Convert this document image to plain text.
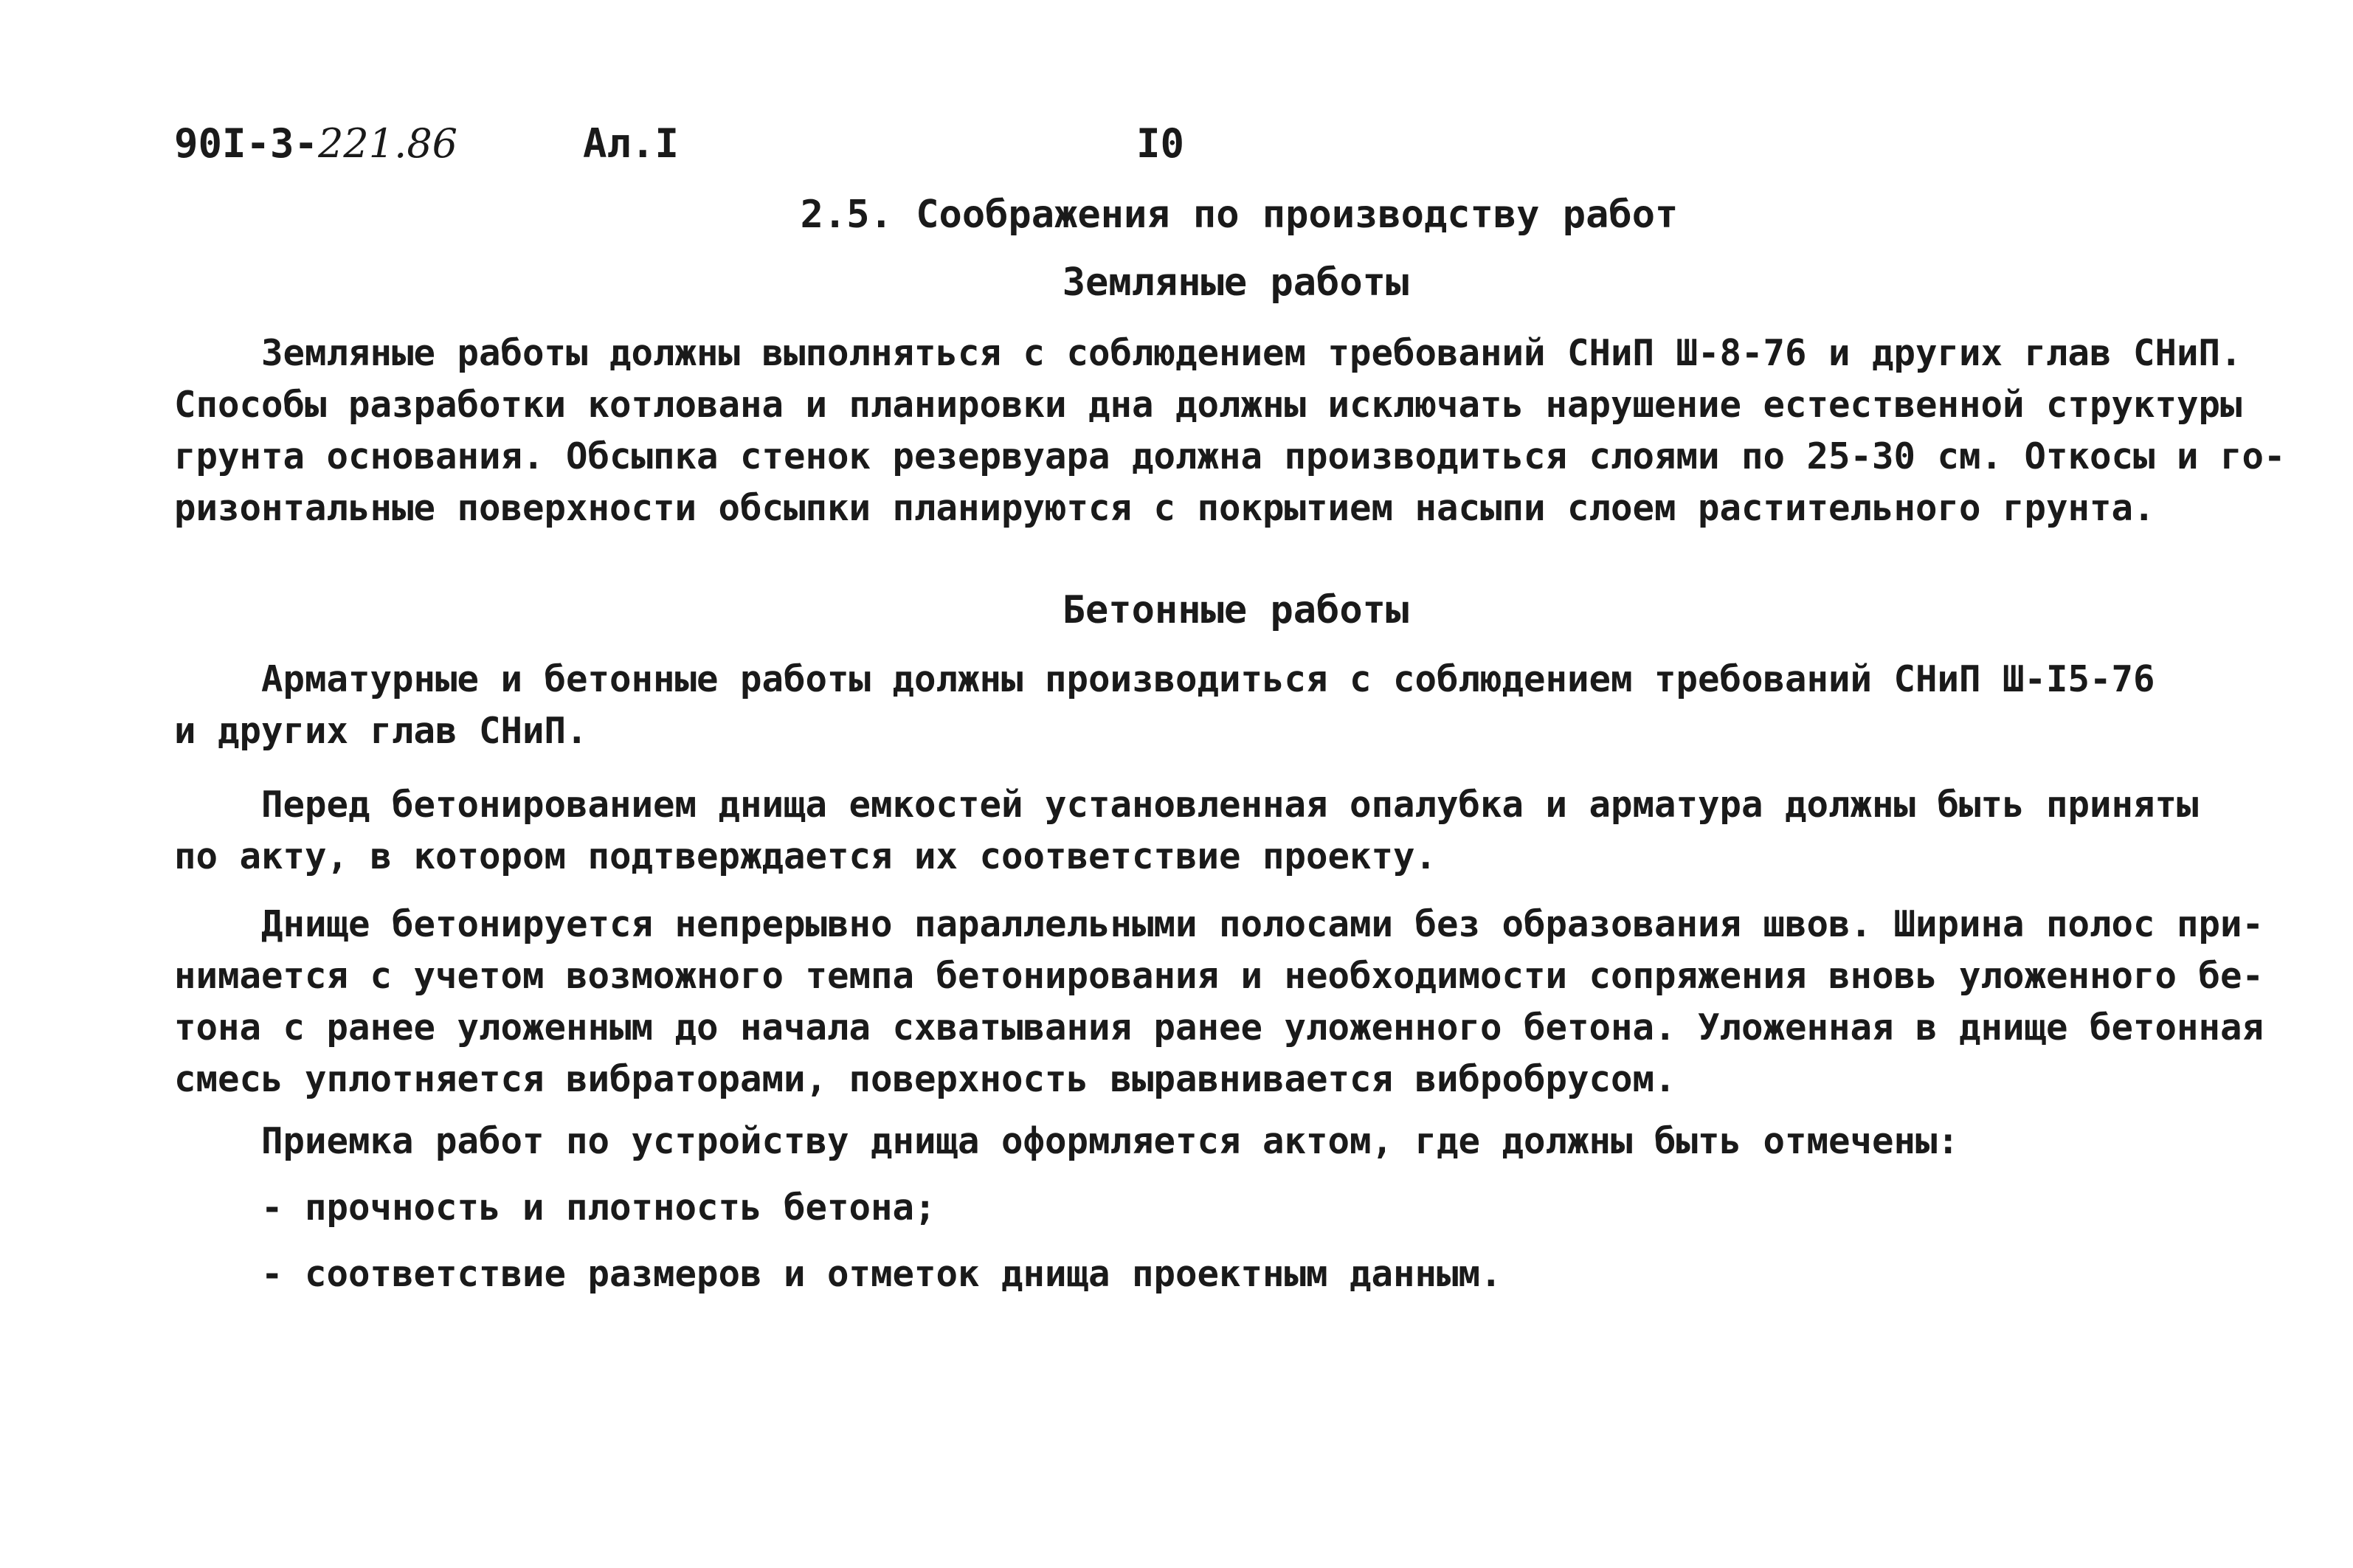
90I-3-221.86	Ал.I	I0
2.5. Соображения по производству работ
Земляные работы
Земляные работы должны выполняться с соблюдением требований СНиП Ш-8-76 и других глав СНиП.
Способы разработки котлована и планировки дна должны исключать нарушение естественной структуры
грунта основания. Обсыпка стенок резервуара должна производиться слоями по 25-30 см. Откосы и го-
ризонтальные поверхности обсыпки планируются с покрытием насыпи слоем растительного грунта.
Бетонные работы
Арматурные и бетонные работы должны производиться с соблюдением требований СНиП Ш-I5-76
и других глав СНиП.
Перед бетонированием днища емкостей установленная опалубка и арматура должны быть приняты
по акту, в котором подтверждается их соответствие проекту.
Днище бетонируется непрерывно параллельными полосами без образования швов. Ширина полос при-
нимается с учетом возможного темпа бетонирования и необходимости сопряжения вновь уложенного бе-
тона с ранее уложенным до начала схватывания ранее уложенного бетона. Уложенная в днище бетонная
смесь уплотняется вибраторами, поверхность выравнивается вибробрусом.
Приемка работ по устройству днища оформляется актом, где должны быть отмечены:
- прочность и плотность бетона;
- соответствие размеров и отметок днища проектным данным.
